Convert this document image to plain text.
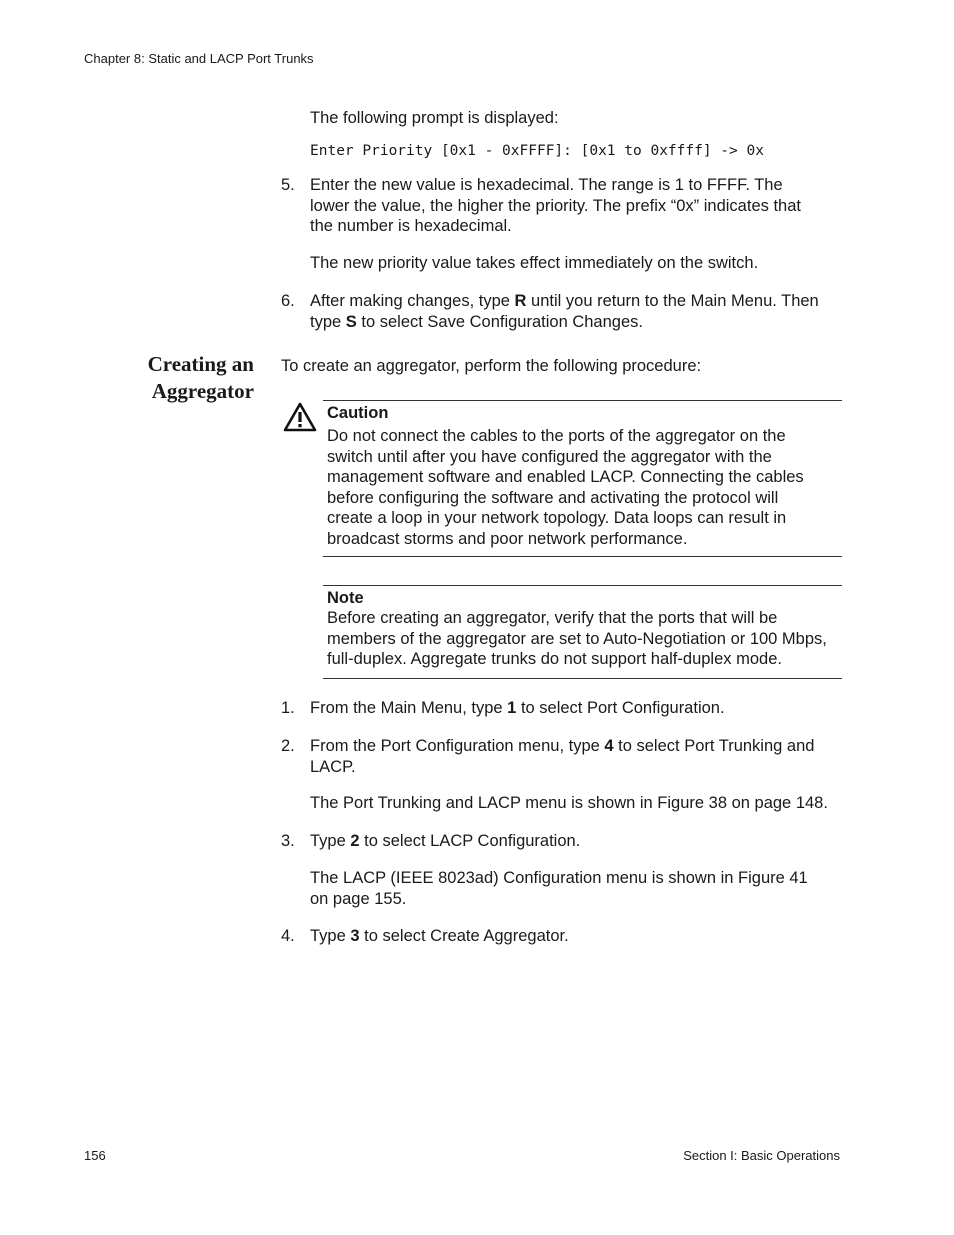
Chapter 8: Static and LACP Port Trunks
The following prompt is displayed:
Enter Priority [0x1 - 0xFFFF]: [0x1 to 0xffff] -> 0x
5. Enter the new value is hexadecimal. The range is 1 to FFFF. The
lower the value, the higher the priority. The prefix “0x” indicates that
the number is hexadecimal.
The new priority value takes effect immediately on the switch.
6. After making changes, type R until you return to the Main Menu. Then
type S to select Save Configuration Changes.
Creating an
Aggregator
To create an aggregator, perform the following procedure:
Caution
Do not connect the cables to the ports of the aggregator on the
switch until after you have configured the aggregator with the
management software and enabled LACP. Connecting the cables
before configuring the software and activating the protocol will
create a loop in your network topology. Data loops can result in
broadcast storms and poor network performance.
Note
Before creating an aggregator, verify that the ports that will be
members of the aggregator are set to Auto-Negotiation or 100 Mbps,
full-duplex. Aggregate trunks do not support half-duplex mode.
1. From the Main Menu, type 1 to select Port Configuration.
2. From the Port Configuration menu, type 4 to select Port Trunking and
LACP.
The Port Trunking and LACP menu is shown in Figure 38 on page 148.
3. Type 2 to select LACP Configuration.
The LACP (IEEE 8023ad) Configuration menu is shown in Figure 41
on page 155.
4. Type 3 to select Create Aggregator.
156	Section I: Basic Operations
